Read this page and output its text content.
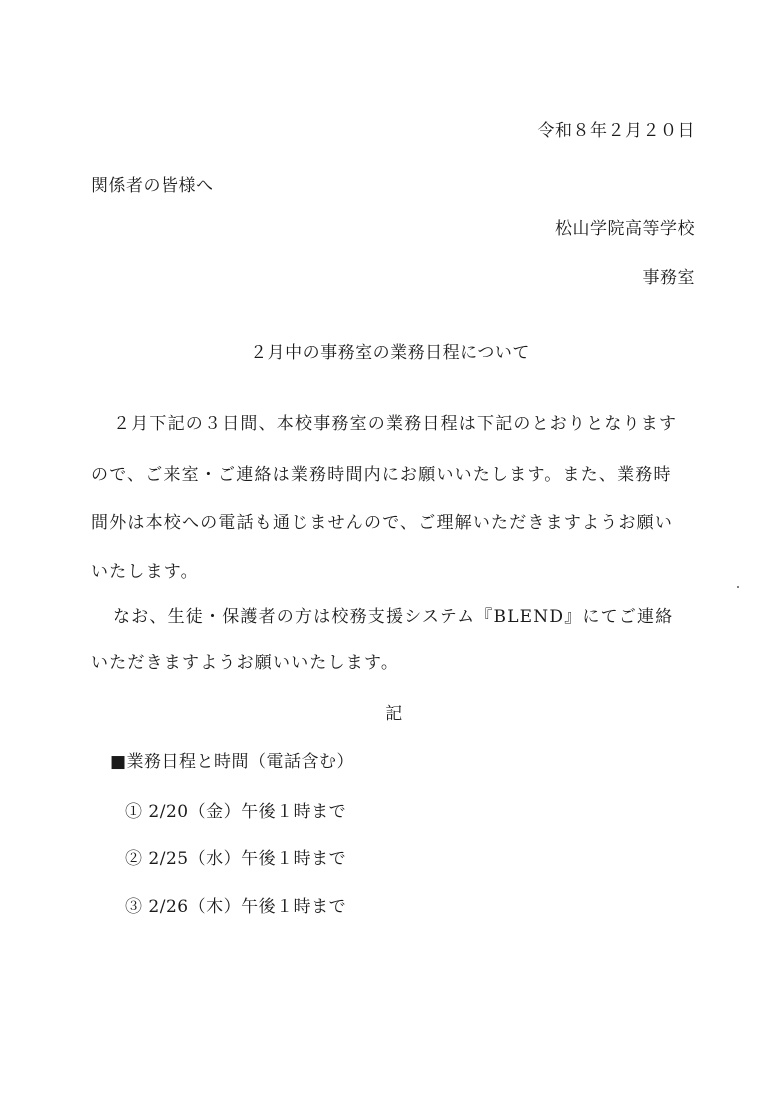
令和８年２月２０日
関係者の皆様へ
松山学院高等学校
事務室
２月中の事務室の業務日程について
２月下記の３日間、本校事務室の業務日程は下記のとおりとなります
ので、ご来室・ご連絡は業務時間内にお願いいたします。また、業務時
間外は本校への電話も通じませんので、ご理解いただきますようお願い
いたします。
なお、生徒・保護者の方は校務支援システム『BLEND』にてご連絡
いただきますようお願いいたします。
記
■業務日程と時間（電話含む）
① 2/20（金）午後１時まで
② 2/25（水）午後１時まで
③ 2/26（木）午後１時まで
